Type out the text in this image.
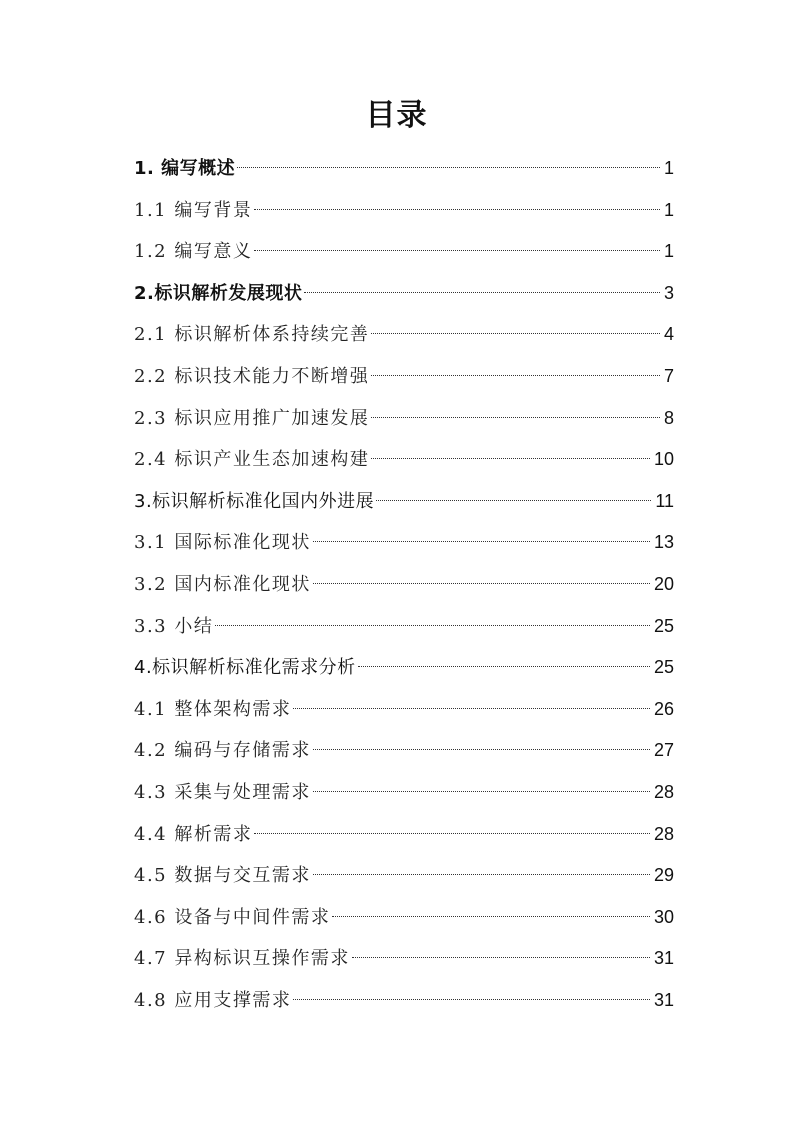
目录
1. 编写概述	1
1.1 编写背景	1
1.2 编写意义	1
2.标识解析发展现状	3
2.1 标识解析体系持续完善	4
2.2 标识技术能力不断增强	7
2.3 标识应用推广加速发展	8
2.4 标识产业生态加速构建	10
3.标识解析标准化国内外进展	11
3.1 国际标准化现状	13
3.2 国内标准化现状	20
3.3 小结	25
4.标识解析标准化需求分析	25
4.1 整体架构需求	26
4.2 编码与存储需求	27
4.3 采集与处理需求	28
4.4 解析需求	28
4.5 数据与交互需求	29
4.6 设备与中间件需求	30
4.7 异构标识互操作需求	31
4.8 应用支撑需求	31
